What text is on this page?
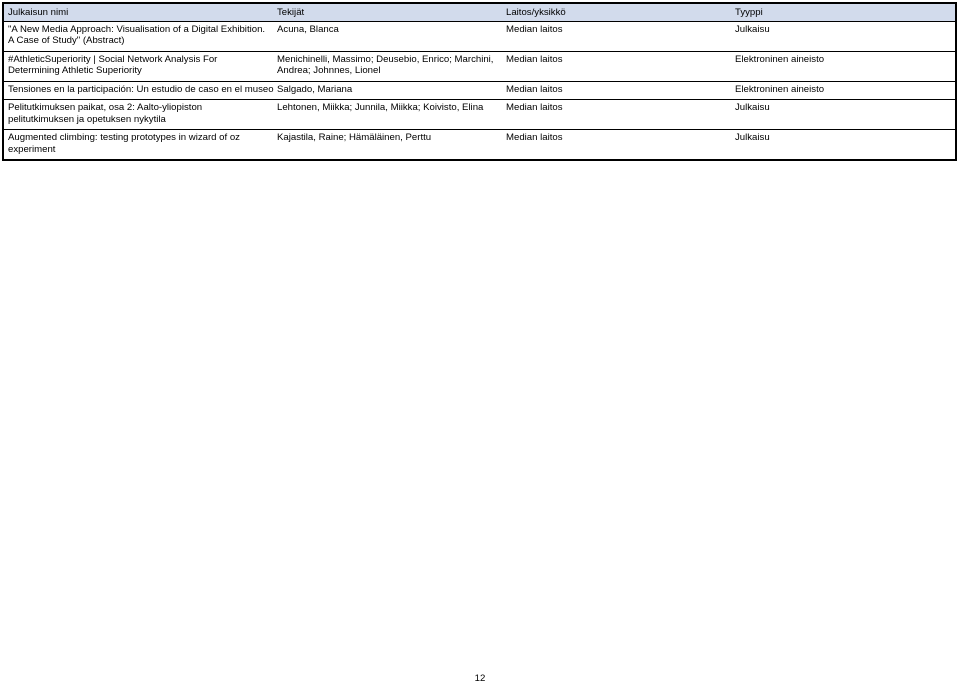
Julkaisun nimi	Tekijät	Laitos/yksikkö	Tyyppi
"A New Media Approach: Visualisation of a Digital Exhibition. A Case of Study" (Abstract)	Acuna, Blanca	Median laitos	Julkaisu
#AthleticSuperiority | Social Network Analysis For Determining Athletic Superiority	Menichinelli, Massimo; Deusebio, Enrico; Marchini, Andrea; Johnnes, Lionel	Median laitos	Elektroninen aineisto
Tensiones en la participación: Un estudio de caso en el museo	Salgado, Mariana	Median laitos	Elektroninen aineisto
Pelitutkimuksen paikat, osa 2: Aalto-yliopiston pelitutkimuksen ja opetuksen nykytila	Lehtonen, Miikka; Junnila, Miikka; Koivisto, Elina	Median laitos	Julkaisu
Augmented climbing: testing prototypes in wizard of oz experiment	Kajastila, Raine; Hämäläinen, Perttu	Median laitos	Julkaisu
12
